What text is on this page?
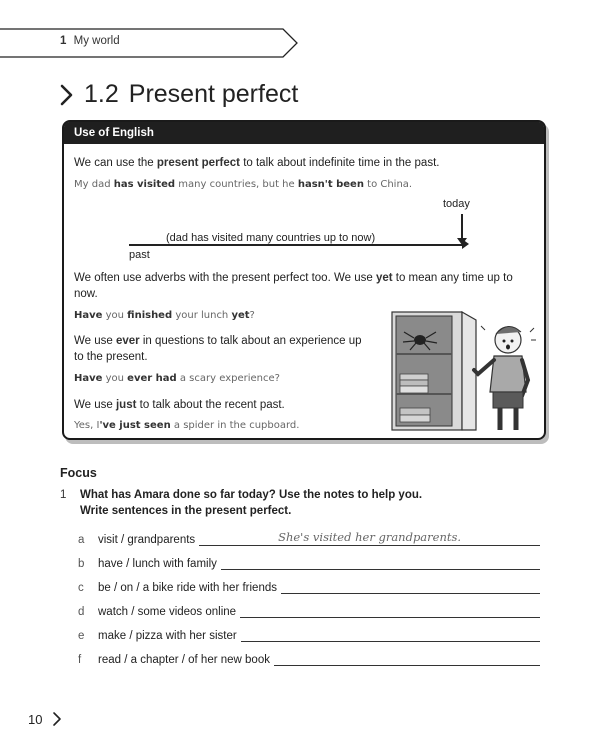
1 My world
1.2 Present perfect
Use of English
We can use the present perfect to talk about indefinite time in the past.
My dad has visited many countries, but he hasn't been to China.
today
(dad has visited many countries up to now)
past
We often use adverbs with the present perfect too. We use yet to mean any time up to now.
Have you finished your lunch yet?
We use ever in questions to talk about an experience up to the present.
Have you ever had a scary experience?
We use just to talk about the recent past.
Yes, I've just seen a spider in the cupboard.
Focus
1 What has Amara done so far today? Use the notes to help you.
Write sentences in the present perfect.
a	visit / grandparents	She's visited her grandparents.
b	have / lunch with family
c	be / on / a bike ride with her friends
d	watch / some videos online
e	make / pizza with her sister
f	read / a chapter / of her new book
10
